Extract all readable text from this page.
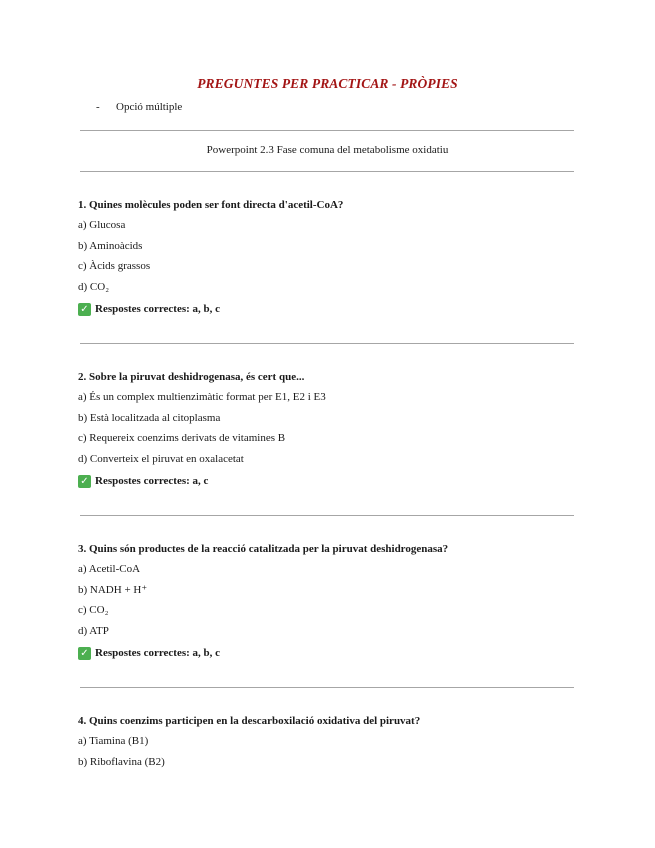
PREGUNTES PER PRACTICAR - PRÒPIES
- Opció múltiple
Powerpoint 2.3 Fase comuna del metabolisme oxidatiu
1. Quines molècules poden ser font directa d'acetil-CoA?
a) Glucosa
b) Aminoàcids
c) Àcids grassos
d) CO₂
✓ Respostes correctes: a, b, c
2. Sobre la piruvat deshidrogenasa, és cert que...
a) És un complex multienzimàtic format per E1, E2 i E3
b) Està localitzada al citoplasma
c) Requereix coenzims derivats de vitamines B
d) Converteix el piruvat en oxalacetat
✓ Respostes correctes: a, c
3. Quins són productes de la reacció catalitzada per la piruvat deshidrogenasa?
a) Acetil-CoA
b) NADH + H⁺
c) CO₂
d) ATP
✓ Respostes correctes: a, b, c
4. Quins coenzims participen en la descarboxilació oxidativa del piruvat?
a) Tiamina (B1)
b) Riboflavina (B2)
